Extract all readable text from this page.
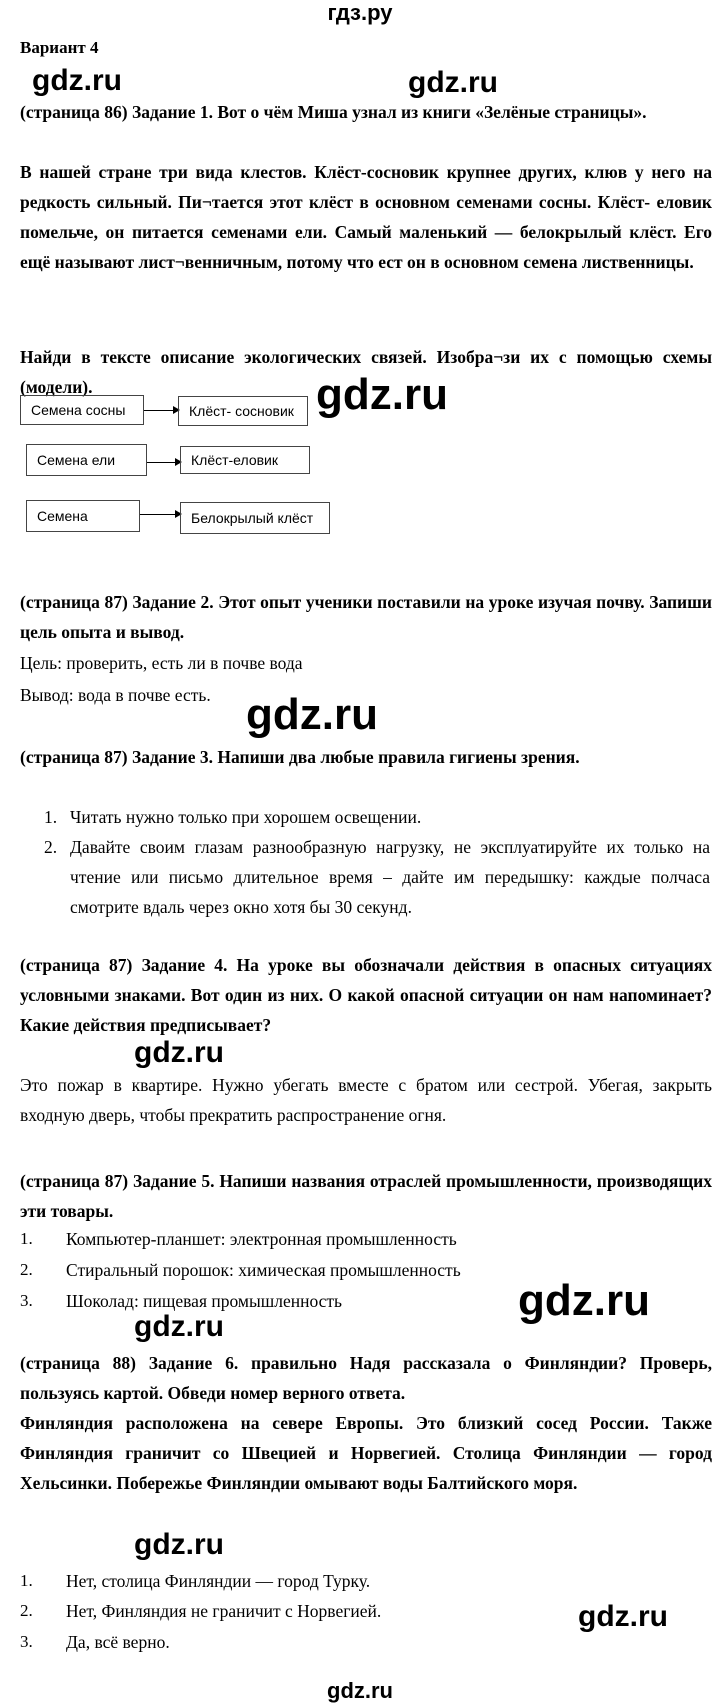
гдз.ру
Вариант 4
gdz.ru	gdz.ru
gdz.ru
gdz.ru
gdz.ru
gdz.ru
gdz.ru
gdz.ru
gdz.ru
(страница 86) Задание 1. Вот о чём Миша узнал из книги «Зелёные страницы».
В нашей стране три вида клестов. Клёст-сосновик крупнее других, клюв у него на редкость сильный. Пи¬тается этот клёст в основном семенами сосны. Клёст- еловик помельче, он питается семенами ели. Самый маленький — белокрылый клёст. Его ещё называют лист¬венничным, потому что ест он в основном семена лиственницы.
Найди в тексте описание экологических связей. Изобра¬зи их с помощью схемы (модели).
Семена сосны	Клёст- сосновик
Семена ели	Клёст-еловик
Семена	Белокрылый клёст
(страница 87) Задание 2. Этот опыт ученики поставили на уроке изучая почву. Запиши цель опыта и вывод.
Цель: проверить, есть ли в почве вода
Вывод: вода в почве есть.
(страница 87) Задание 3. Напиши два любые правила гигиены зрения.
1. Читать нужно только при хорошем освещении.
2. Давайте своим глазам разнообразную нагрузку, не эксплуатируйте их только на чтение или письмо длительное время – дайте им передышку: каждые полчаса смотрите вдаль через окно хотя бы 30 секунд.
(страница 87) Задание 4. На уроке вы обозначали действия в опасных ситуациях условными знаками. Вот один из них. О какой опасной ситуации он нам напоминает? Какие действия предписывает?
Это пожар в квартире. Нужно убегать вместе с братом или сестрой. Убегая, закрыть входную дверь, чтобы прекратить распространение огня.
(страница 87) Задание 5. Напиши названия отраслей промышленности, производящих эти товары.
1. Компьютер-планшет: электронная промышленность
2. Стиральный порошок: химическая промышленность
3. Шоколад: пищевая промышленность
(страница 88) Задание 6. правильно Надя рассказала о Финляндии? Проверь, пользуясь картой. Обведи номер верного ответа.
Финляндия расположена на севере Европы. Это близкий сосед России. Также Финляндия граничит со Швецией и Норвегией. Столица Финляндии — город Хельсинки. Побережье Финляндии омывают воды Балтийского моря.
1. Нет, столица Финляндии — город Турку.
2. Нет, Финляндия не граничит с Норвегией.
3. Да, всё верно.
gdz.ru
